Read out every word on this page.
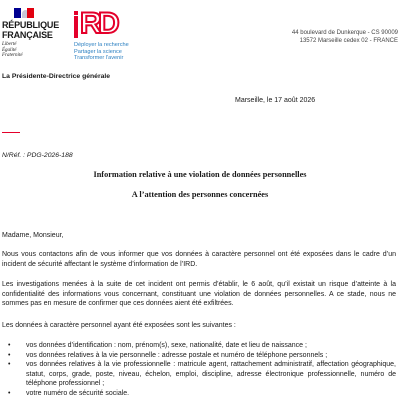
RÉPUBLIQUE
FRANÇAISE
Liberté
Égalité
Fraternité
R
D
Déployer la recherche
Partager la science
Transformer l'avenir
44 boulevard de Dunkerque - CS 90009
13572 Marseille cedex 02 - FRANCE
La Présidente-Directrice générale
Marseille, le 17 août 2026
N/Réf. : PDG-2026-188
Information relative à une violation de données personnelles
A l’attention des personnes concernées
Madame, Monsieur,
Nous vous contactons afin de vous informer que vos données à caractère personnel ont été exposées dans le cadre d’un incident de sécurité affectant le système d’information de l’IRD.
Les investigations menées à la suite de cet incident ont permis d’établir, le 6 août, qu’il existait un risque d’atteinte à la confidentialité des informations vous concernant, constituant une violation de données personnelles. A ce stade, nous ne sommes pas en mesure de confirmer que ces données aient été exfiltrées.
Les données à caractère personnel ayant été exposées sont les suivantes :
• vos données d’identification : nom, prénom(s), sexe, nationalité, date et lieu de naissance ;
• vos données relatives à la vie personnelle : adresse postale et numéro de téléphone personnels ;
• vos données relatives à la vie professionnelle : matricule agent, rattachement administratif, affectation géographique, statut, corps, grade, poste, niveau, échelon, emploi, discipline, adresse électronique professionnelle, numéro de téléphone professionnel ;
• votre numéro de sécurité sociale.
